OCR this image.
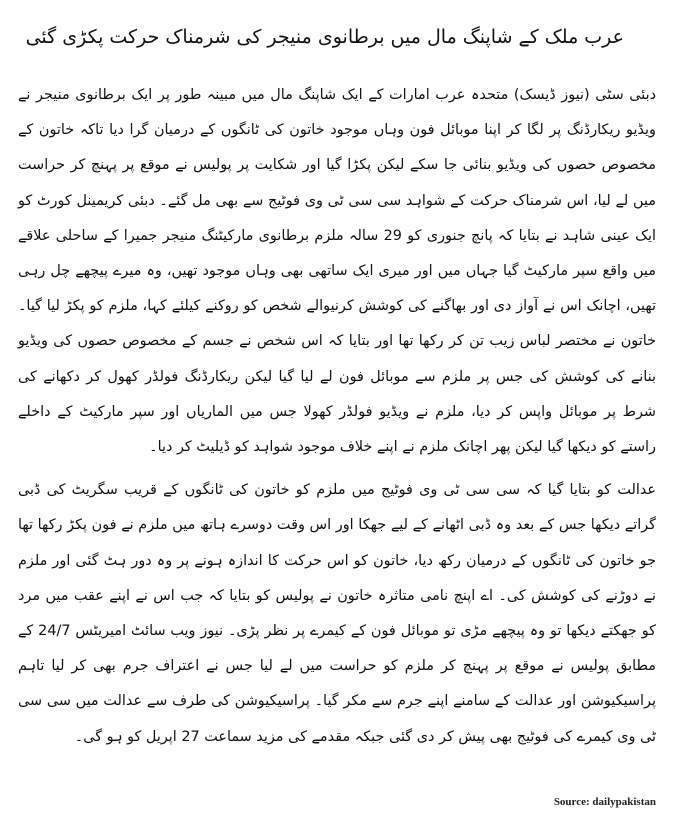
عرب ملک کے شاپنگ مال میں برطانوی منیجر کی شرمناک حرکت پکڑی گئی

دبئی سٹی (نیوز ڈیسک) متحدہ عرب امارات کے ایک شاپنگ مال میں مبینہ طور پر ایک برطانوی منیجر نے ویڈیو ریکارڈنگ پر لگا کر اپنا موبائل فون وہاں موجود خاتون کی ٹانگوں کے درمیان گرا دیا تاکہ خاتون کے مخصوص حصوں کی ویڈیو بنائی جا سکے لیکن پکڑا گیا اور شکایت پر پولیس نے موقع پر پہنچ کر حراست میں لے لیا، اس شرمناک حرکت کے شواہد سی سی ٹی وی فوٹیج سے بھی مل گئے۔ دبئی کریمینل کورٹ کو ایک عینی شاہد نے بتایا کہ پانچ جنوری کو 29 سالہ ملزم برطانوی مارکیٹنگ منیجر جمیرا کے ساحلی علاقے میں واقع سپر مارکیٹ گیا جہاں میں اور میری ایک ساتھی بھی وہاں موجود تھیں، وہ میرے پیچھے چل رہی تھیں، اچانک اس نے آواز دی اور بھاگنے کی کوشش کرنیوالے شخص کو روکنے کیلئے کہا، ملزم کو پکڑ لیا گیا۔ خاتون نے مختصر لباس زیب تن کر رکھا تھا اور بتایا کہ اس شخص نے جسم کے مخصوص حصوں کی ویڈیو بنانے کی کوشش کی جس پر ملزم سے موبائل فون لے لیا گیا لیکن ریکارڈنگ فولڈر کھول کر دکھانے کی شرط پر موبائل واپس کر دیا، ملزم نے ویڈیو فولڈر کھولا جس میں الماریاں اور سپر مارکیٹ کے داخلے راستے کو دیکھا گیا لیکن پھر اچانک ملزم نے اپنے خلاف موجود شواہد کو ڈیلیٹ کر دیا۔

عدالت کو بتایا گیا کہ سی سی ٹی وی فوٹیج میں ملزم کو خاتون کی ٹانگوں کے قریب سگریٹ کی ڈبی گراتے دیکھا جس کے بعد وہ ڈبی اٹھانے کے لیے جھکا اور اس وقت دوسرے ہاتھ میں ملزم نے فون پکڑ رکھا تھا جو خاتون کی ٹانگوں کے درمیان رکھ دیا، خاتون کو اس حرکت کا اندازہ ہونے پر وہ دور ہٹ گئی اور ملزم نے دوڑنے کی کوشش کی۔ اے اپنچ نامی متاثرہ خاتون نے پولیس کو بتایا کہ جب اس نے اپنے عقب میں مرد کو جھکتے دیکھا تو وہ پیچھے مڑی تو موبائل فون کے کیمرے پر نظر پڑی۔ نیوز ویب سائٹ امیریٹس 24/7 کے مطابق پولیس نے موقع پر پہنچ کر ملزم کو حراست میں لے لیا جس نے اعتراف جرم بھی کر لیا تاہم پراسیکیوشن اور عدالت کے سامنے اپنے جرم سے مکر گیا۔ پراسیکیوشن کی طرف سے عدالت میں سی سی ٹی وی کیمرے کی فوٹیج بھی پیش کر دی گئی جبکہ مقدمے کی مزید سماعت 27 اپریل کو ہو گی۔

Source: dailypakistan
